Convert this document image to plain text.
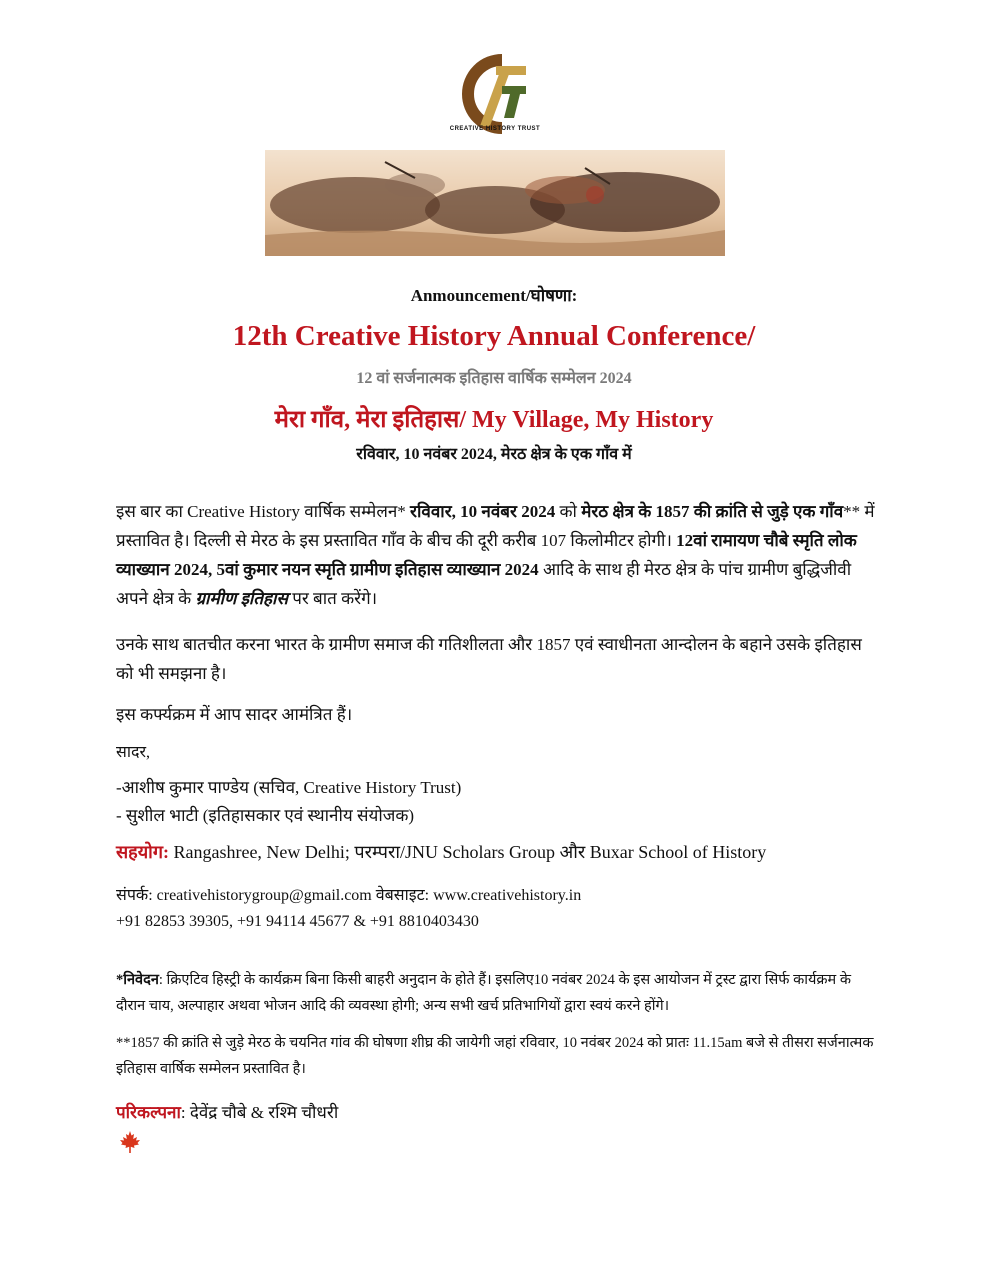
CREATIVE HISTORY TRUST
Anmouncement/घोषणा:
12th Creative History Annual Conference/
12 वां सर्जनात्मक इतिहास वार्षिक सम्मेलन 2024
मेरा गाँव, मेरा इतिहास/ My Village, My History
रविवार, 10 नवंबर 2024, मेरठ क्षेत्र के एक गाँव में

इस बार का Creative History वार्षिक सम्मेलन* रविवार, 10 नवंबर 2024 को मेरठ क्षेत्र के 1857 की क्रांति से जुड़े एक गाँव** में प्रस्तावित है। दिल्ली से मेरठ के इस प्रस्तावित गाँव के बीच की दूरी करीब 107 किलोमीटर होगी। 12वां रामायण चौबे स्मृति लोक व्याख्यान 2024, 5वां कुमार नयन स्मृति ग्रामीण इतिहास व्याख्यान 2024 आदि के साथ ही मेरठ क्षेत्र के पांच ग्रामीण बुद्धिजीवी अपने क्षेत्र के ग्रामीण इतिहास पर बात करेंगे।

उनके साथ बातचीत करना भारत के ग्रामीण समाज की गतिशीलता और 1857 एवं स्वाधीनता आन्दोलन के बहाने उसके इतिहास को भी समझना है।

इस कर्फ्यक्रम में आप सादर आमंत्रित हैं।

सादर,

-आशीष कुमार पाण्डेय (सचिव, Creative History Trust)
- सुशील भाटी (इतिहासकार एवं स्थानीय संयोजक)
सहयोग: Rangashree, New Delhi; परम्परा/JNU Scholars Group और Buxar School of History
संपर्क: creativehistorygroup@gmail.com वेबसाइट: www.creativehistory.in
+91 82853 39305, +91 94114 45677 & +91 8810403430
*निवेदन: क्रिएटिव हिस्ट्री के कार्यक्रम बिना किसी बाहरी अनुदान के होते हैं। इसलिए10 नवंबर 2024 के इस आयोजन में ट्रस्ट द्वारा सिर्फ कार्यक्रम के दौरान चाय, अल्पाहार अथवा भोजन आदि की व्यवस्था होगी; अन्य सभी खर्च प्रतिभागियों द्वारा स्वयं करने होंगे।
**1857 की क्रांति से जुड़े मेरठ के चयनित गांव की घोषणा शीघ्र की जायेगी जहां रविवार, 10 नवंबर 2024 को प्रातः 11.15am बजे से तीसरा सर्जनात्मक इतिहास वार्षिक सम्मेलन प्रस्तावित है।
परिकल्पना: देवेंद्र चौबे & रश्मि चौधरी
